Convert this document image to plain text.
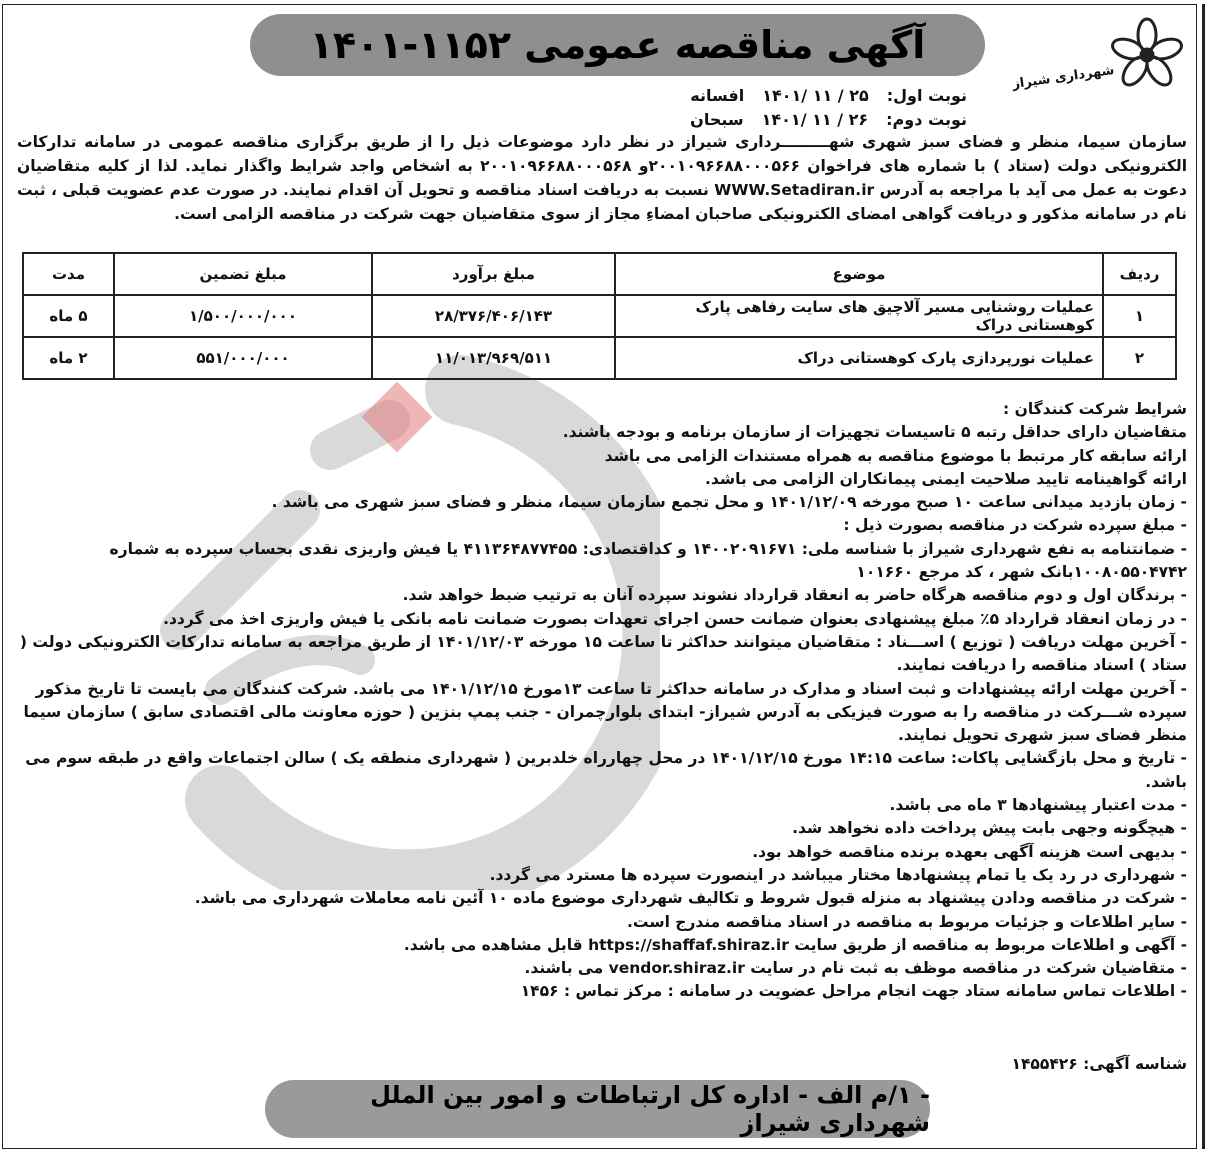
شهرداری شیراز
آگهی مناقصه عمومی ۱۱۵۲-۱۴۰۱
نوبت اول:
۲۵ / ۱۱ /۱۴۰۱
افسانه
نوبت دوم:
۲۶ / ۱۱ /۱۴۰۱
سبحان
سازمان سیما، منظر و فضای سبز شهری شهـــــــــرداری شیراز در نظر دارد موضوعات ذیل را از طریق برگزاری مناقصه عمومی در سامانه تدارکات الکترونیکی دولت (ستاد ) با شماره های فراخوان ۲۰۰۱۰۹۶۶۸۸۰۰۰۵۶۶و ۲۰۰۱۰۹۶۶۸۸۰۰۰۵۶۸ به اشخاص واجد شرایط واگذار نماید. لذا از کلیه متقاضیان دعوت به عمل می آید با مراجعه به آدرس WWW.Setadiran.ir نسبت به دریافت اسناد مناقصه و تحویل آن اقدام نمایند. در صورت عدم عضویت قبلی ، ثبت نام در سامانه مذکور و دریافت گواهی امضای الکترونیکی صاحبان امضاءِ مجاز از سوی متقاضیان جهت شرکت در مناقصه الزامی است.
ردیف	موضوع	مبلغ برآورد	مبلغ تضمین	مدت
۱	عملیات روشنایی مسیر آلاچیق های سایت رفاهی پارک کوهستانی دراک	۲۸/۳۷۶/۴۰۶/۱۴۳	۱/۵۰۰/۰۰۰/۰۰۰	۵ ماه
۲	عملیات نورپردازی پارک کوهستانی دراک	۱۱/۰۱۳/۹۶۹/۵۱۱	۵۵۱/۰۰۰/۰۰۰	۲ ماه

شرایط شرکت کنندگان :

متقاضیان دارای حداقل رتبه ۵ تاسیسات تجهیزات از سازمان برنامه و بودجه باشند.

ارائه سابقه کار مرتبط با موضوع مناقصه به همراه مستندات الزامی می باشد

ارائه گواهینامه تایید صلاحیت ایمنی پیمانکاران الزامی می باشد.

- زمان بازدید میدانی ساعت ۱۰ صبح مورخه ۱۴۰۱/۱۲/۰۹ و محل تجمع سازمان سیما، منظر و فضای سبز شهری می باشد .

- مبلغ سپرده شرکت در مناقصه بصورت ذیل :

- ضمانتنامه به نفع شهرداری شیراز با شناسه ملی: ۱۴۰۰۲۰۹۱۶۷۱ و کداقتصادی: ۴۱۱۳۶۴۸۷۷۴۵۵ یا فیش واریزی نقدی بحساب سپرده به شماره ۱۰۰۸۰۵۵۰۴۷۴۲بانک شهر ، کد مرجع ۱۰۱۶۶۰

- برندگان اول و دوم مناقصه هرگاه حاضر به انعقاد قرارداد نشوند سپرده آنان به ترتیب ضبط خواهد شد.

- در زمان انعقاد قرارداد ۵٪ مبلغ پیشنهادی بعنوان ضمانت حسن اجرای تعهدات بصورت ضمانت نامه بانکی یا فیش واریزی اخذ می گردد.

- آخرین مهلت دریافت ( توزیع ) اســـناد : متقاضیان میتوانند حداکثر تا ساعت ۱۵ مورخه ۱۴۰۱/۱۲/۰۳ از طریق مراجعه به سامانه تدارکات الکترونیکی دولت ( ستاد ) اسناد مناقصه را دریافت نمایند.

- آخرین مهلت ارائه پیشنهادات و ثبت اسناد و مدارک در سامانه حداکثر تا ساعت ۱۳مورخ ۱۴۰۱/۱۲/۱۵ می باشد. شرکت کنندگان می بایست تا تاریخ مذکور سپرده شـــرکت در مناقصه را به صورت فیزیکی به آدرس شیراز- ابتدای بلوارچمران - جنب پمپ بنزین ( حوزه معاونت مالی اقتصادی سابق ) سازمان سیما منظر فضای سبز شهری تحویل نمایند.

- تاریخ و محل بازگشایی پاکات: ساعت ۱۴:۱۵ مورخ ۱۴۰۱/۱۲/۱۵ در محل چهارراه خلدبرین ( شهرداری منطقه یک ) سالن اجتماعات واقع در طبقه سوم می باشد.

- مدت اعتبار پیشنهادها ۳ ماه می باشد.

- هیچگونه وجهی بابت پیش پرداخت داده نخواهد شد.

- بدیهی است هزینه آگهی بعهده برنده مناقصه خواهد بود.

- شهرداری در رد یک یا تمام پیشنهادها مختار میباشد در اینصورت سپرده ها مسترد می گردد.

- شرکت در مناقصه ودادن پیشنهاد به منزله قبول شروط و تکالیف شهرداری موضوع ماده ۱۰ آئین نامه معاملات شهرداری می باشد.

- سایر اطلاعات و جزئیات مربوط به مناقصه در اسناد مناقصه مندرج است.

- آگهی و اطلاعات مربوط به مناقصه از طریق سایت https://shaffaf.shiraz.ir قابل مشاهده می باشد.

- متقاضیان شرکت در مناقصه موظف به ثبت نام در سایت vendor.shiraz.ir می باشند.

- اطلاعات تماس سامانه ستاد جهت انجام مراحل عضویت در سامانه : مرکز تماس : ۱۴۵۶

شناسه آگهی: ۱۴۵۵۴۲۶
- ۱/م الف - اداره کل ارتباطات و امور بین الملل شهرداری شیراز
